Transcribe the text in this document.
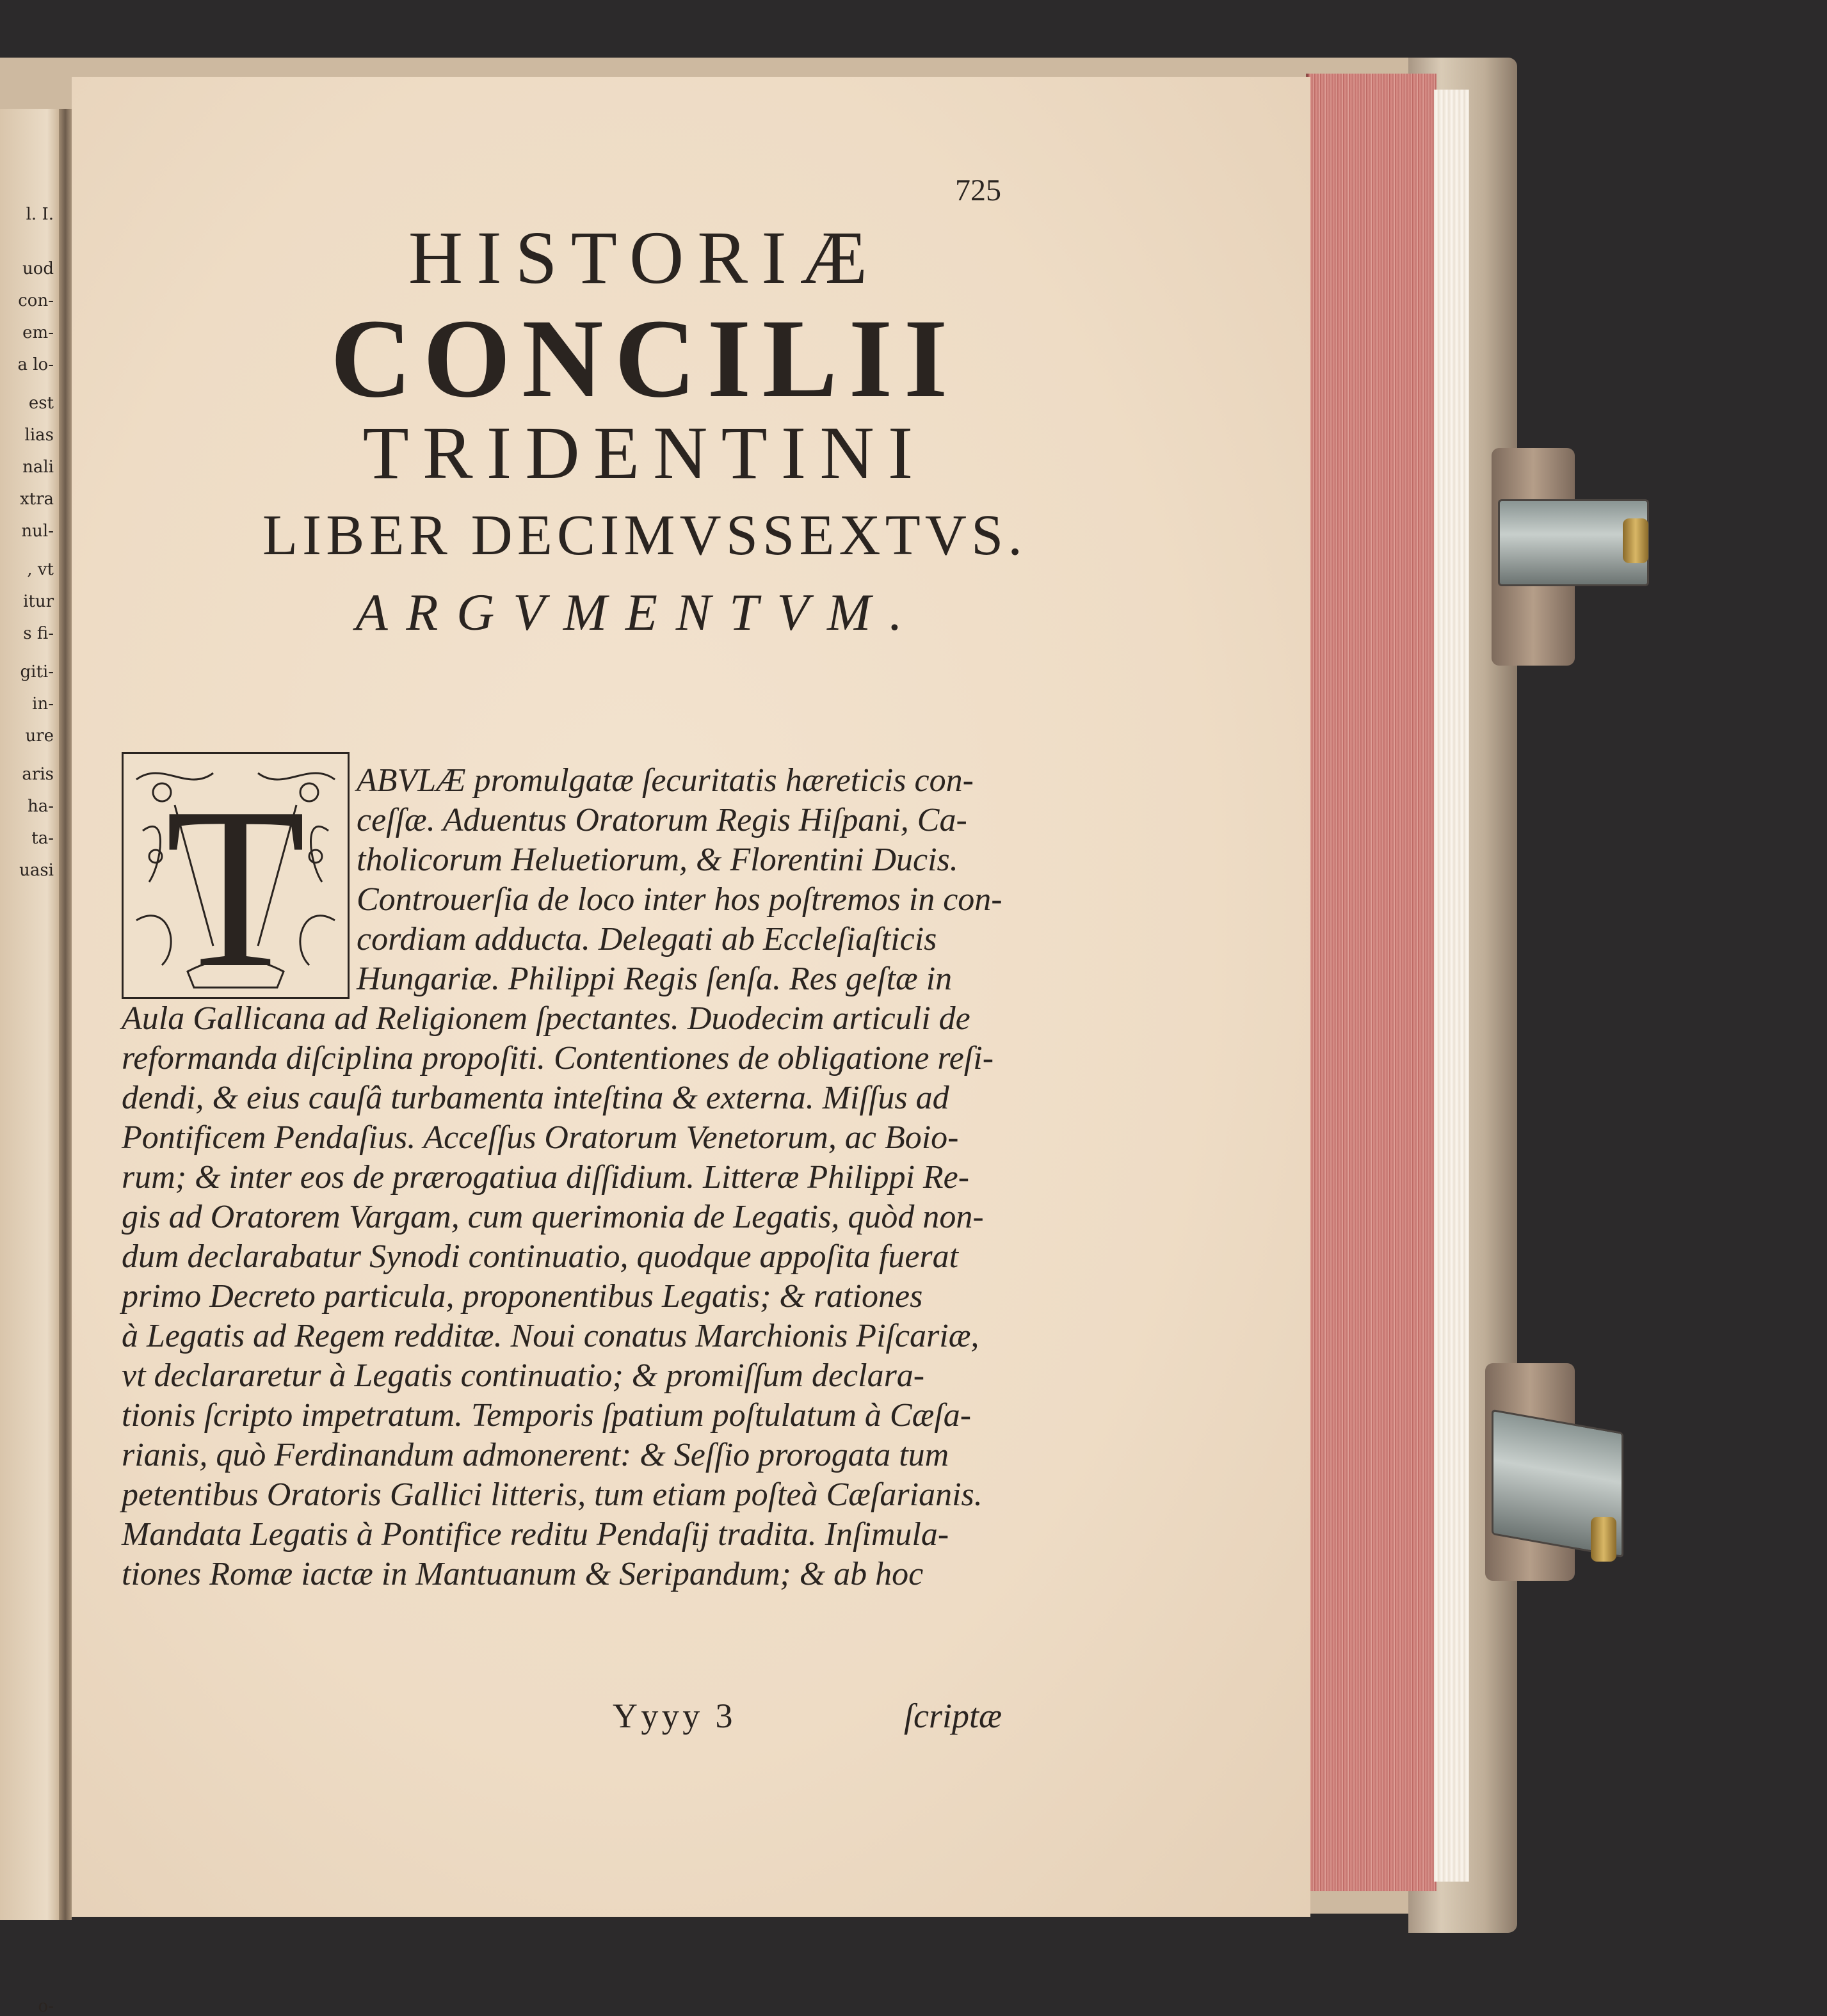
l. I.
uod
con-
em-
a lo-
est
lias
nali
xtra
nul-
, vt
itur
s fi-
giti-
in-
ure
aris
ha-
ta-
uasi
o-
725
HISTORIÆ
CONCILII
TRIDENTINI
LIBER DECIMVSSEXTVS.
ARGVMENTVM.
T ABVLÆ promulgatæ ſecuritatis hæreticis con-
ceſſæ. Aduentus Oratorum Regis Hiſpani, Ca-
tholicorum Heluetiorum, & Florentini Ducis.
Controuerſia de loco inter hos poſtremos in con-
cordiam adducta. Delegati ab Eccleſiaſticis
Hungariæ. Philippi Regis ſenſa. Res geſtæ in
Aula Gallicana ad Religionem ſpectantes. Duodecim articuli de
reformanda diſciplina propoſiti. Contentiones de obligatione reſi-
dendi, & eius cauſâ turbamenta inteſtina & externa. Miſſus ad
Pontificem Pendaſius. Acceſſus Oratorum Venetorum, ac Boio-
rum; & inter eos de prærogatiua diſſidium. Litteræ Philippi Re-
gis ad Oratorem Vargam, cum querimonia de Legatis, quòd non-
dum declarabatur Synodi continuatio, quodque appoſita fuerat
primo Decreto particula, proponentibus Legatis; & rationes
à Legatis ad Regem redditæ. Noui conatus Marchionis Piſcariæ,
vt declararetur à Legatis continuatio; & promiſſum declara-
tionis ſcripto impetratum. Temporis ſpatium poſtulatum à Cæſa-
rianis, quò Ferdinandum admonerent: & Seſſio prorogata tum
petentibus Oratoris Gallici litteris, tum etiam poſteà Cæſarianis.
Mandata Legatis à Pontifice reditu Pendaſij tradita. Inſimula-
tiones Romæ iactæ in Mantuanum & Seripandum; & ab hoc
Yyyy 3	ſcriptæ
